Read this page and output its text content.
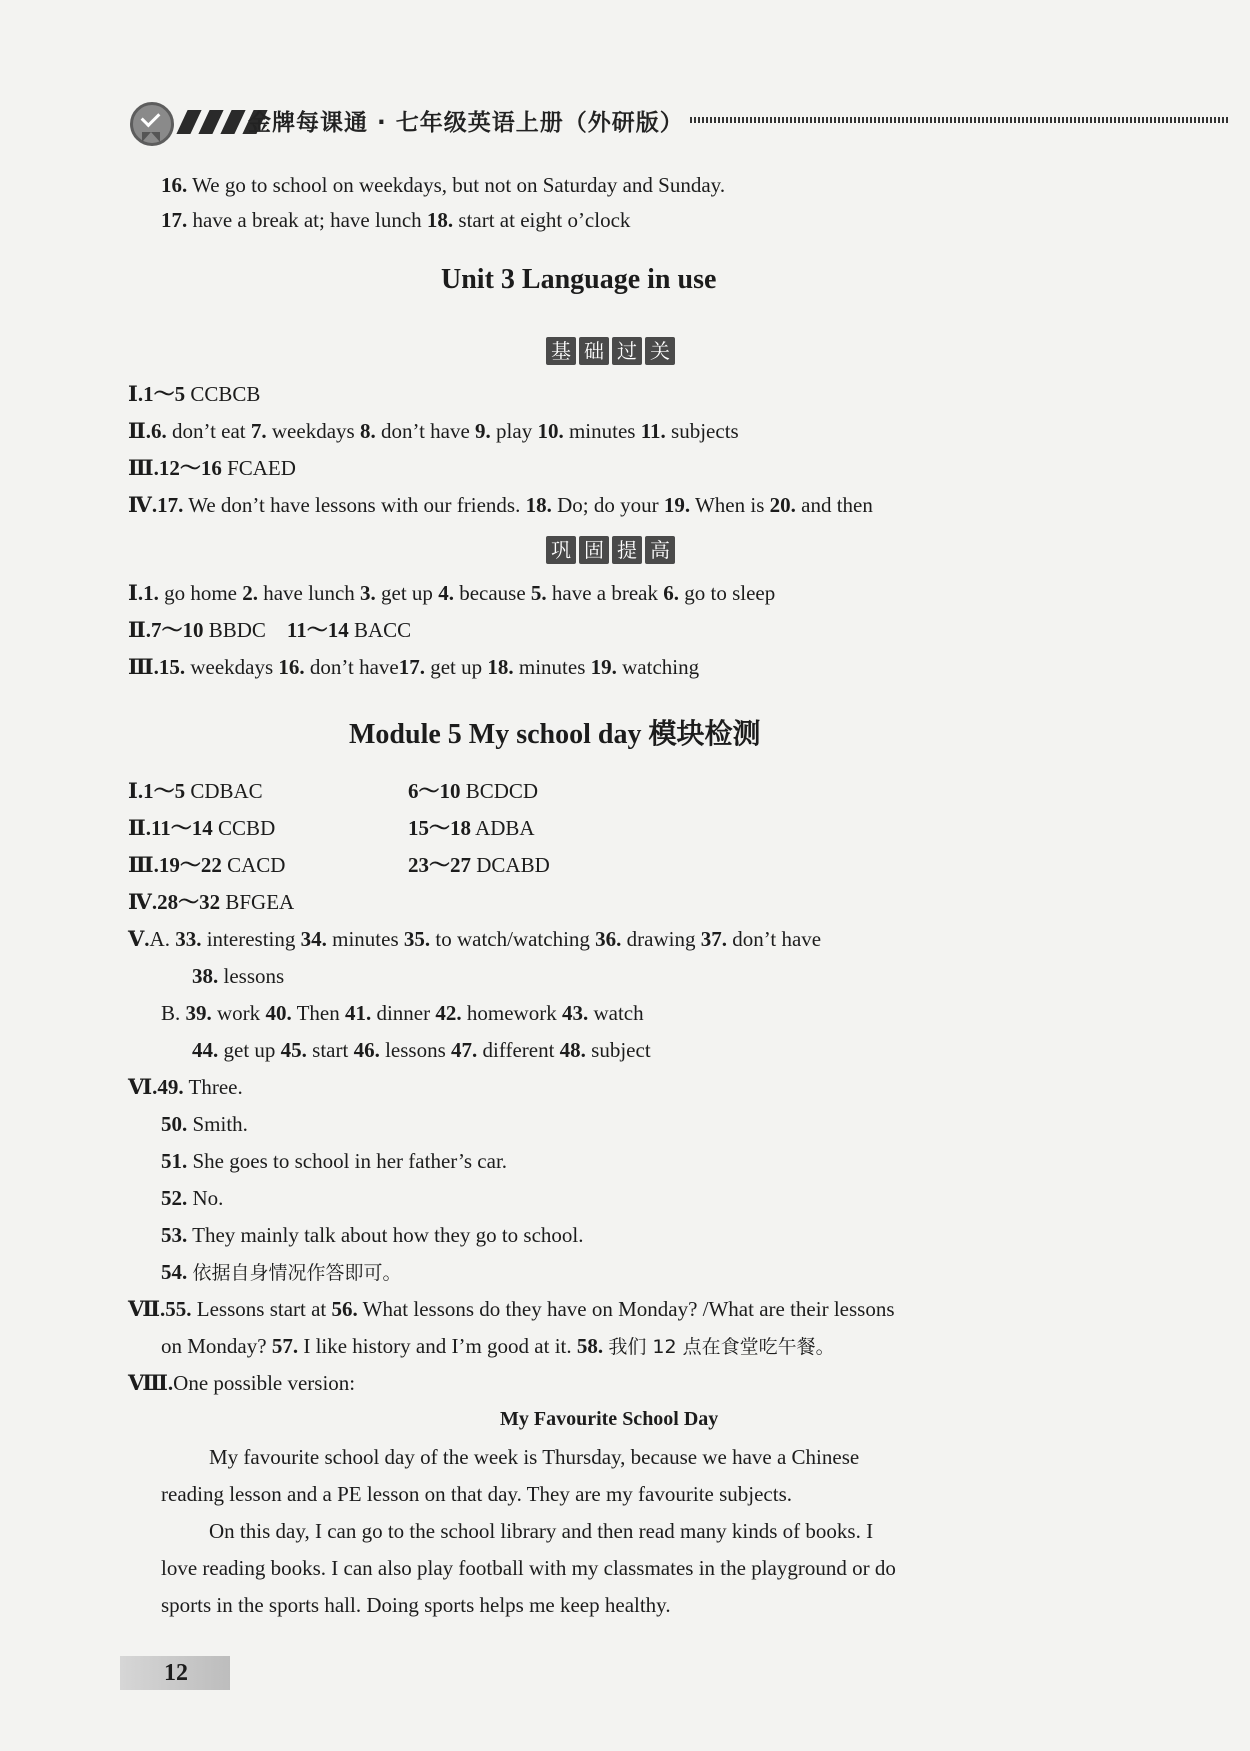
金牌每课通 · 七年级英语上册（外研版）
16. We go to school on weekdays, but not on Saturday and Sunday.
17. have a break at; have lunch 18. start at eight o’clock
Unit 3 Language in use
基 础 过 关
Ⅰ.1～5 CCBCB
Ⅱ.6. don’t eat 7. weekdays 8. don’t have 9. play 10. minutes 11. subjects
Ⅲ.12～16 FCAED
Ⅳ.17. We don’t have lessons with our friends. 18. Do; do your 19. When is 20. and then
巩 固 提 高
Ⅰ.1. go home 2. have lunch 3. get up 4. because 5. have a break 6. go to sleep
Ⅱ.7～10 BBDC 11～14 BACC
Ⅲ.15. weekdays 16. don’t have17. get up 18. minutes 19. watching
Module 5 My school day 模块检测
Ⅰ.1～5 CDBAC	6～10 BCDCD
Ⅱ.11～14 CCBD	15～18 ADBA
Ⅲ.19～22 CACD	23～27 DCABD
Ⅳ.28～32 BFGEA
Ⅴ.A. 33. interesting 34. minutes 35. to watch/watching 36. drawing 37. don’t have
38. lessons
B. 39. work 40. Then 41. dinner 42. homework 43. watch
44. get up 45. start 46. lessons 47. different 48. subject
Ⅵ.49. Three.
50. Smith.
51. She goes to school in her father’s car.
52. No.
53. They mainly talk about how they go to school.
54. 依据自身情况作答即可。
Ⅶ.55. Lessons start at 56. What lessons do they have on Monday? /What are their lessons
on Monday? 57. I like history and I’m good at it. 58. 我们 12 点在食堂吃午餐。
Ⅷ.One possible version:
My Favourite School Day
My favourite school day of the week is Thursday, because we have a Chinese
reading lesson and a PE lesson on that day. They are my favourite subjects.
On this day, I can go to the school library and then read many kinds of books. I
love reading books. I can also play football with my classmates in the playground or do
sports in the sports hall. Doing sports helps me keep healthy.
12
